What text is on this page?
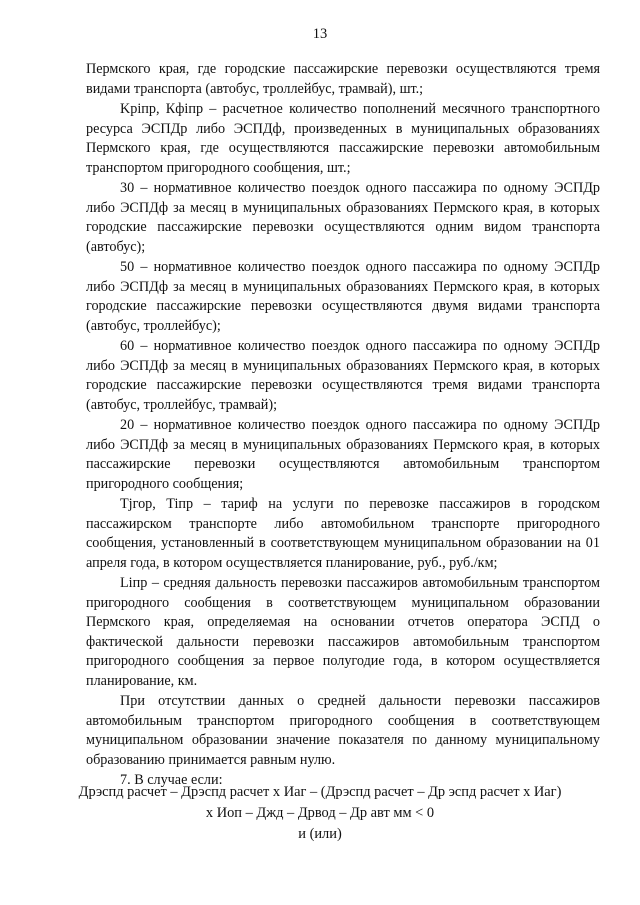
13

Пермского края, где городские пассажирские перевозки осуществляются тремя видами транспорта (автобус, троллейбус, трамвай), шт.;

Kpiпр, Кфiпр – расчетное количество пополнений месячного транспортного ресурса ЭСПДр либо ЭСПДф, произведенных в муниципальных образованиях Пермского края, где осуществляются пассажирские перевозки автомобильным транспортом пригородного сообщения, шт.;

30 – нормативное количество поездок одного пассажира по одному ЭСПДр либо ЭСПДф за месяц в муниципальных образованиях Пермского края, в которых городские пассажирские перевозки осуществляются одним видом транспорта (автобус);

50 – нормативное количество поездок одного пассажира по одному ЭСПДр либо ЭСПДф за месяц в муниципальных образованиях Пермского края, в которых городские пассажирские перевозки осуществляются двумя видами транспорта (автобус, троллейбус);

60 – нормативное количество поездок одного пассажира по одному ЭСПДр либо ЭСПДф за месяц в муниципальных образованиях Пермского края, в которых городские пассажирские перевозки осуществляются тремя видами транспорта (автобус, троллейбус, трамвай);

20 – нормативное количество поездок одного пассажира по одному ЭСПДр либо ЭСПДф за месяц в муниципальных образованиях Пермского края, в которых пассажирские перевозки осуществляются автомобильным транспортом пригородного сообщения;

Tjгор, Tiпр – тариф на услуги по перевозке пассажиров в городском пассажирском транспорте либо автомобильном транспорте пригородного сообщения, установленный в соответствующем муниципальном образовании на 01 апреля года, в котором осуществляется планирование, руб., руб./км;

Liпр – средняя дальность перевозки пассажиров автомобильным транспортом пригородного сообщения в соответствующем муниципальном образовании Пермского края, определяемая на основании отчетов оператора ЭСПД о фактической дальности перевозки пассажиров автомобильным транспортом пригородного сообщения за первое полугодие года, в котором осуществляется планирование, км.

При отсутствии данных о средней дальности перевозки пассажиров автомобильным транспортом пригородного сообщения в соответствующем муниципальном образовании значение показателя по данному муниципальному образованию принимается равным нулю.

7. В случае если:

Дрэспд расчет – Дрэспд расчет х Иаг – (Дрэспд расчет – Др эспд расчет х Иаг)
х Иоп – Джд – Дрвод – Др авт мм < 0
и (или)
